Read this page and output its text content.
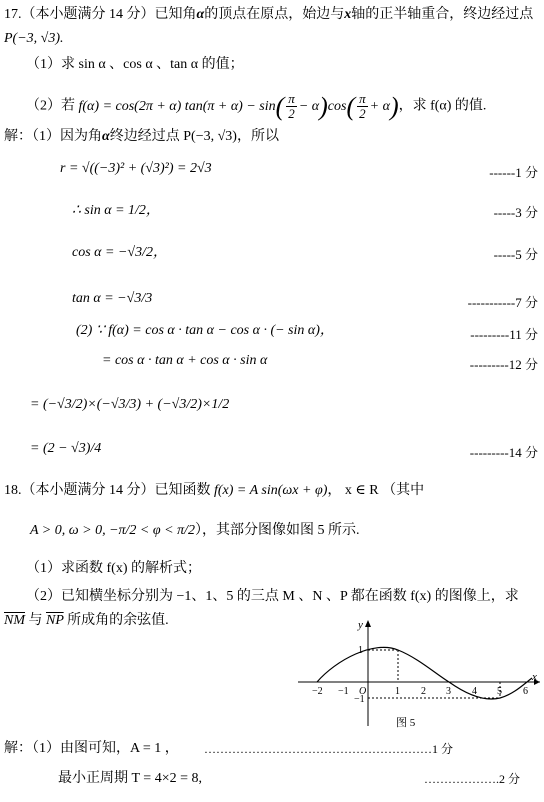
17.（本小题满分 14 分）已知角α的顶点在原点，始边与x轴的正半轴重合，终边经过点
P(−3, √3).
（1）求 sin α 、cos α 、tan α 的值；
（2）若 f(α) = cos(2π + α) $\tan(\pi + \alpha) - \sin( \frac{\pi}{2} - \alpha)\cos( \frac{\pi}{2} + \alpha)$，求 f(α) 的值.
解：（1）因为角α终边经过点 P(−3, √3)，所以
r = √((−3)² + (√3)²) = 2√3	------1 分
∴ sin α = 1/2，	-----3 分
cos α = −√3/2，	-----5 分
tan α = −√3/3	-----------7 分
(2) ∵ f(α) = cos α · tan α − cos α · (− sin α)，	---------11 分
= cos α · tan α + cos α · sin α	---------12 分
= (−√3/2)×(−√3/3) + (−√3/2)×1/2
= (2 − √3)/4	---------14 分
18.（本小题满分 14 分）已知函数 f(x) = A sin(ωx + φ)， x ∈ R （其中
A > 0, ω > 0, −π/2 < φ < π/2），其部分图像如图 5 所示.
（1）求函数 f(x) 的解析式；
（2）已知横坐标分别为 −1、1、5 的三点 M 、N 、P 都在函数 f(x) 的图像上，求
$\overline{NM}$ 与 $\overline{NP}$ 所成角的余弦值.
x
y
O
1
−1
−2 −1	1 2 3 4 5 6
图 5
解：（1）由图可知，A = 1 ， …………………………………………………1 分
最小正周期 T = 4×2 = 8,	……………….2 分
